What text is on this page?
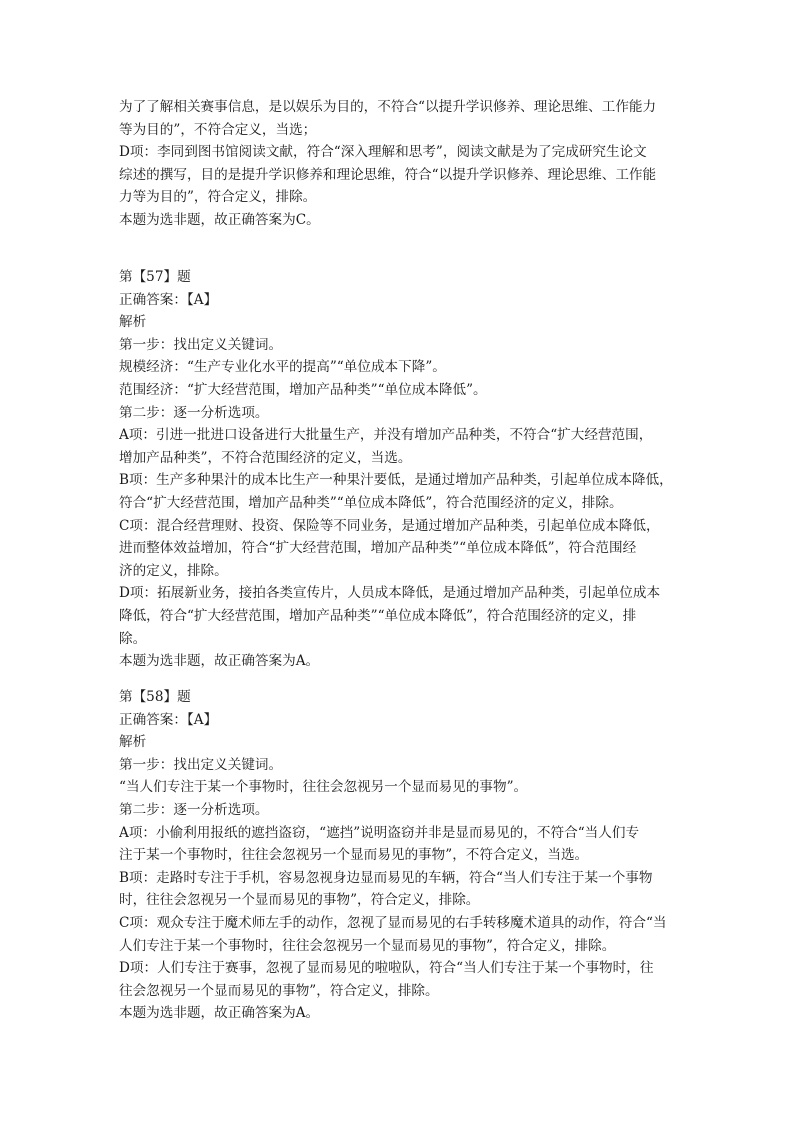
为了了解相关赛事信息，是以娱乐为目的，不符合“以提升学识修养、理论思维、工作能力
等为目的”，不符合定义，当选；
D项：李同到图书馆阅读文献，符合“深入理解和思考”，阅读文献是为了完成研究生论文
综述的撰写，目的是提升学识修养和理论思维，符合“以提升学识修养、理论思维、工作能
力等为目的”，符合定义，排除。
本题为选非题，故正确答案为C。
第【57】题
正确答案：【A】
解析
第一步：找出定义关键词。
规模经济：“生产专业化水平的提高”“单位成本下降”。
范围经济：“扩大经营范围，增加产品种类”“单位成本降低”。
第二步：逐一分析选项。
A项：引进一批进口设备进行大批量生产，并没有增加产品种类，不符合“扩大经营范围，
增加产品种类”，不符合范围经济的定义，当选。
B项：生产多种果汁的成本比生产一种果汁要低，是通过增加产品种类，引起单位成本降低，
符合“扩大经营范围，增加产品种类”“单位成本降低”，符合范围经济的定义，排除。
C项：混合经营理财、投资、保险等不同业务，是通过增加产品种类，引起单位成本降低，
进而整体效益增加，符合“扩大经营范围，增加产品种类”“单位成本降低”，符合范围经
济的定义，排除。
D项：拓展新业务，接拍各类宣传片，人员成本降低，是通过增加产品种类，引起单位成本
降低，符合“扩大经营范围，增加产品种类”“单位成本降低”，符合范围经济的定义，排
除。
本题为选非题，故正确答案为A。
第【58】题
正确答案：【A】
解析
第一步：找出定义关键词。
“当人们专注于某一个事物时，往往会忽视另一个显而易见的事物”。
第二步：逐一分析选项。
A项：小偷利用报纸的遮挡盗窃，“遮挡”说明盗窃并非是显而易见的，不符合“当人们专
注于某一个事物时，往往会忽视另一个显而易见的事物”，不符合定义，当选。
B项：走路时专注于手机，容易忽视身边显而易见的车辆，符合“当人们专注于某一个事物
时，往往会忽视另一个显而易见的事物”，符合定义，排除。
C项：观众专注于魔术师左手的动作，忽视了显而易见的右手转移魔术道具的动作，符合“当
人们专注于某一个事物时，往往会忽视另一个显而易见的事物”，符合定义，排除。
D项：人们专注于赛事，忽视了显而易见的啦啦队，符合“当人们专注于某一个事物时，往
往会忽视另一个显而易见的事物”，符合定义，排除。
本题为选非题，故正确答案为A。
